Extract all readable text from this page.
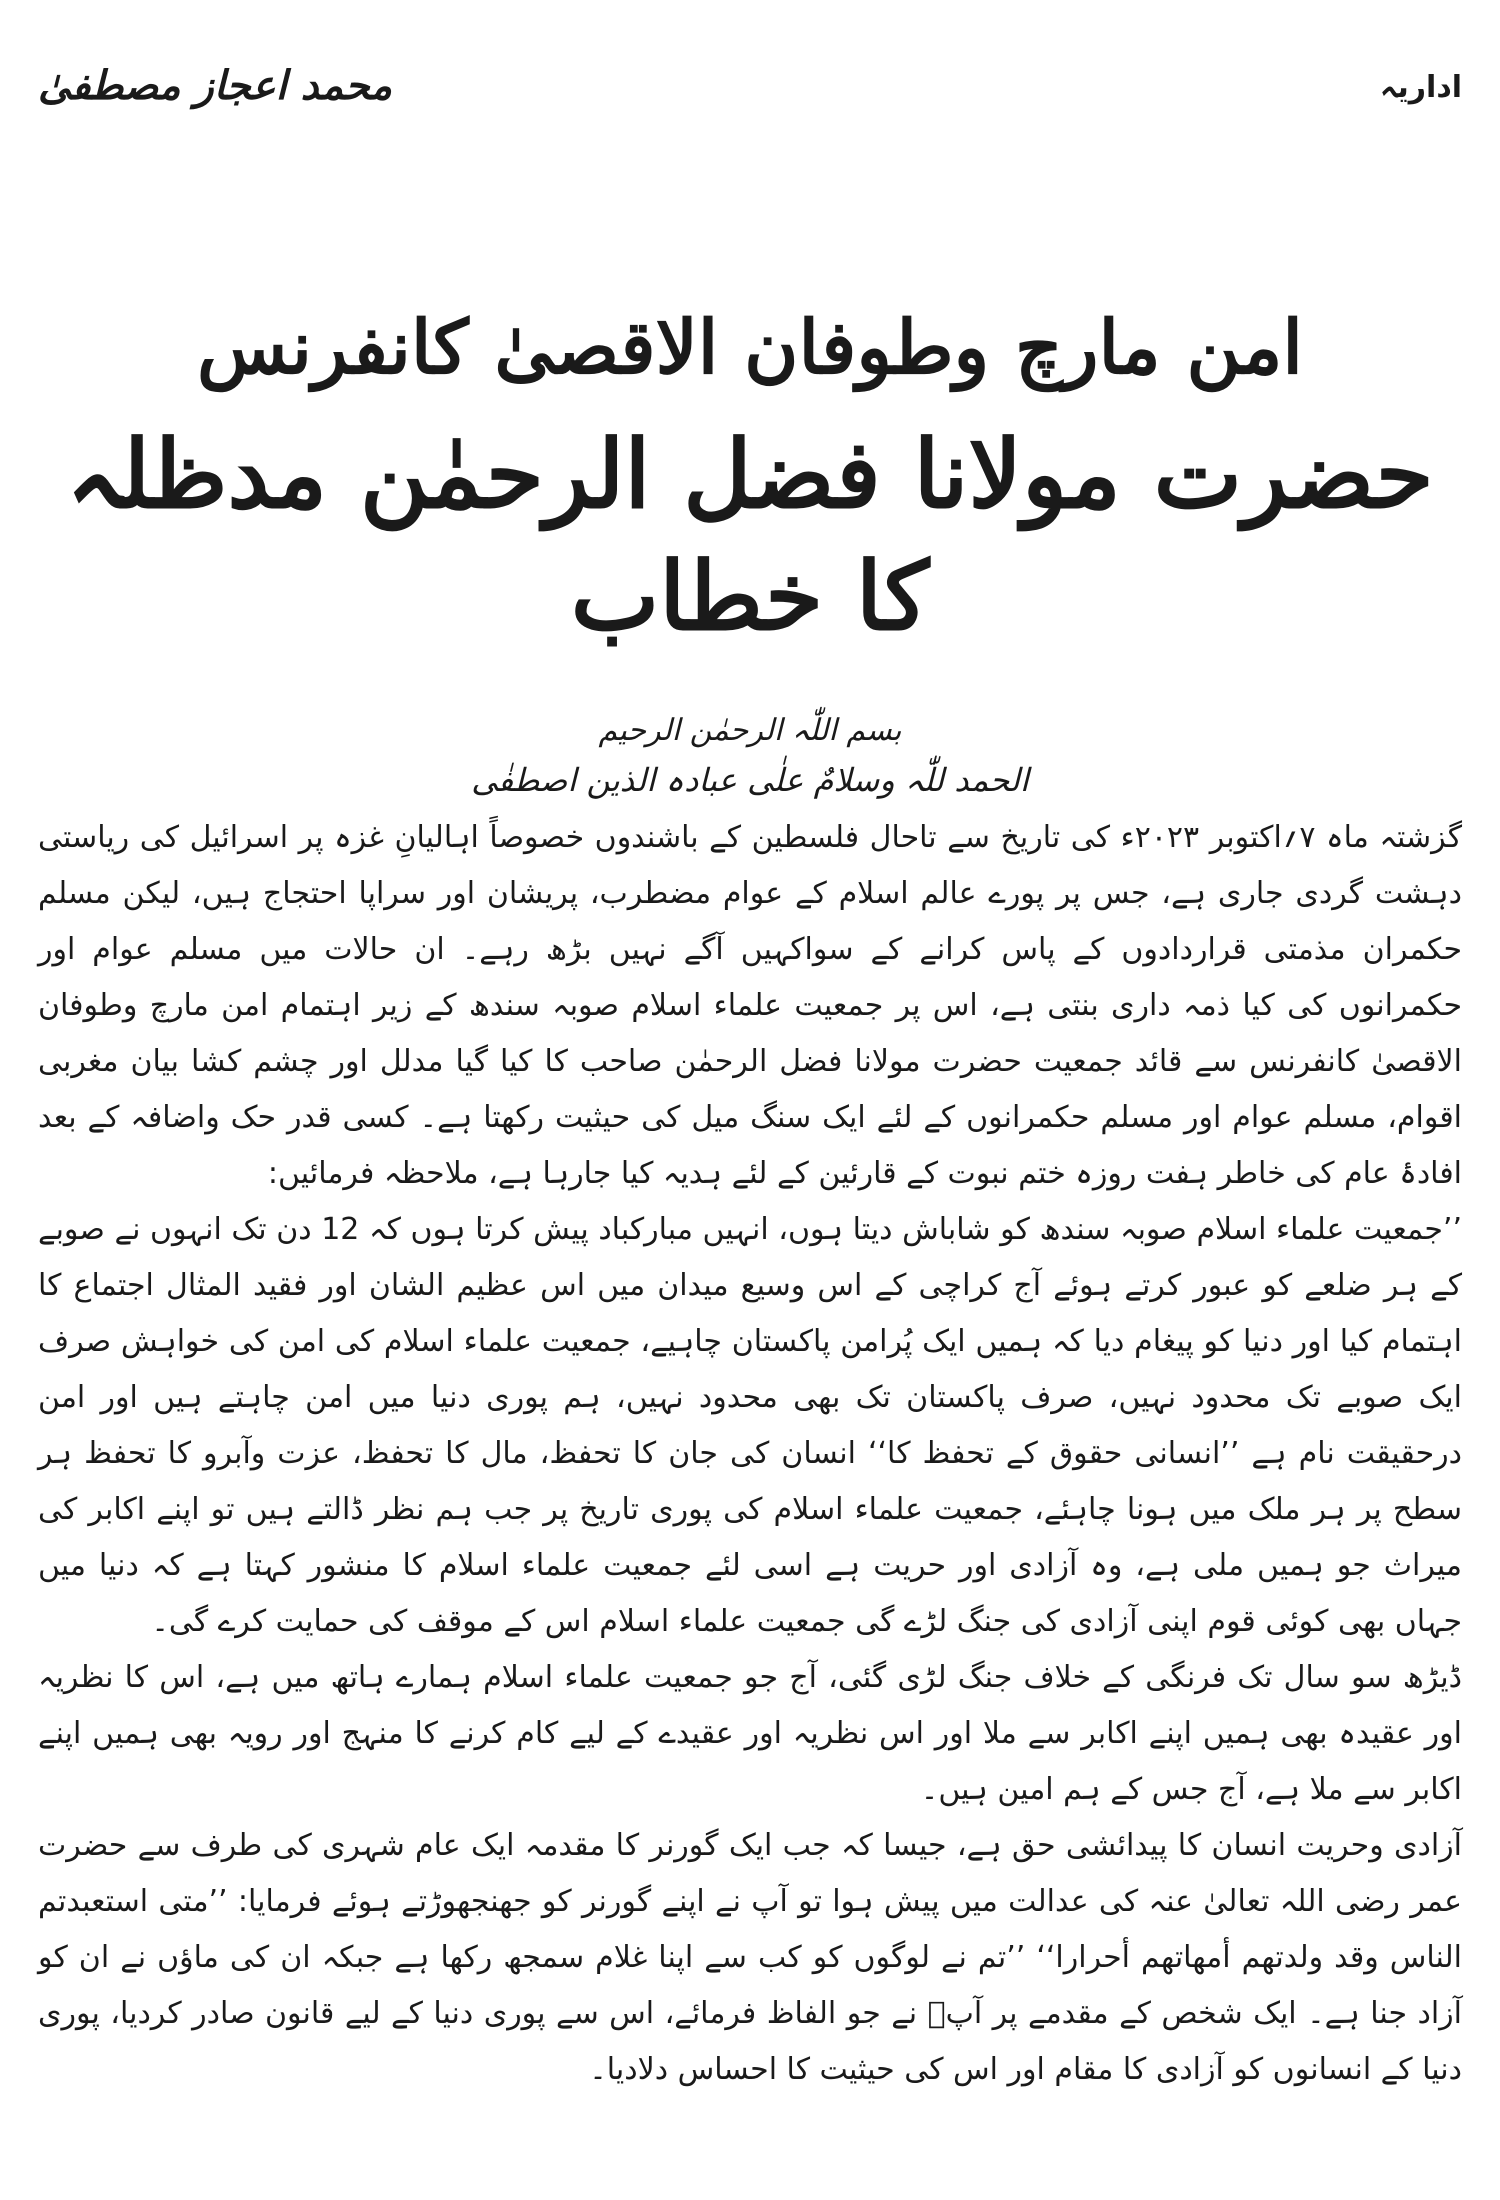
اداریہ
محمد اعجاز مصطفیٰ
امن مارچ وطوفان الاقصیٰ کانفرنس
حضرت مولانا فضل الرحمٰن مدظلہ کا خطاب
بسم اللّٰہ الرحمٰن الرحیم
الحمد للّٰہ وسلامٌ علٰی عبادہ الذین اصطفٰی

گزشتہ ماہ ۷؍اکتوبر ۲۰۲۳ء کی تاریخ سے تاحال فلسطین کے باشندوں خصوصاً اہالیانِ غزہ پر اسرائیل کی ریاستی دہشت گردی جاری ہے، جس پر پورے عالم اسلام کے عوام مضطرب، پریشان اور سراپا احتجاج ہیں، لیکن مسلم حکمران مذمتی قراردادوں کے پاس کرانے کے سواکہیں آگے نہیں بڑھ رہے۔ ان حالات میں مسلم عوام اور حکمرانوں کی کیا ذمہ داری بنتی ہے، اس پر جمعیت علماء اسلام صوبہ سندھ کے زیر اہتمام امن مارچ وطوفان الاقصیٰ کانفرنس سے قائد جمعیت حضرت مولانا فضل الرحمٰن صاحب کا کیا گیا مدلل اور چشم کشا بیان مغربی اقوام، مسلم عوام اور مسلم حکمرانوں کے لئے ایک سنگ میل کی حیثیت رکھتا ہے۔ کسی قدر حک واضافہ کے بعد افادۂ عام کی خاطر ہفت روزہ ختم نبوت کے قارئین کے لئے ہدیہ کیا جارہا ہے، ملاحظہ فرمائیں:

’’جمعیت علماء اسلام صوبہ سندھ کو شاباش دیتا ہوں، انہیں مبارکباد پیش کرتا ہوں کہ 12 دن تک انہوں نے صوبے کے ہر ضلعے کو عبور کرتے ہوئے آج کراچی کے اس وسیع میدان میں اس عظیم الشان اور فقید المثال اجتماع کا اہتمام کیا اور دنیا کو پیغام دیا کہ ہمیں ایک پُرامن پاکستان چاہیے، جمعیت علماء اسلام کی امن کی خواہش صرف ایک صوبے تک محدود نہیں، صرف پاکستان تک بھی محدود نہیں، ہم پوری دنیا میں امن چاہتے ہیں اور امن درحقیقت نام ہے ’’انسانی حقوق کے تحفظ کا‘‘ انسان کی جان کا تحفظ، مال کا تحفظ، عزت وآبرو کا تحفظ ہر سطح پر ہر ملک میں ہونا چاہئے، جمعیت علماء اسلام کی پوری تاریخ پر جب ہم نظر ڈالتے ہیں تو اپنے اکابر کی میراث جو ہمیں ملی ہے، وہ آزادی اور حریت ہے اسی لئے جمعیت علماء اسلام کا منشور کہتا ہے کہ دنیا میں جہاں بھی کوئی قوم اپنی آزادی کی جنگ لڑے گی جمعیت علماء اسلام اس کے موقف کی حمایت کرے گی۔

ڈیڑھ سو سال تک فرنگی کے خلاف جنگ لڑی گئی، آج جو جمعیت علماء اسلام ہمارے ہاتھ میں ہے، اس کا نظریہ اور عقیدہ بھی ہمیں اپنے اکابر سے ملا اور اس نظریہ اور عقیدے کے لیے کام کرنے کا منہج اور رویہ بھی ہمیں اپنے اکابر سے ملا ہے، آج جس کے ہم امین ہیں۔

آزادی وحریت انسان کا پیدائشی حق ہے، جیسا کہ جب ایک گورنر کا مقدمہ ایک عام شہری کی طرف سے حضرت عمر رضی اللہ تعالیٰ عنہ کی عدالت میں پیش ہوا تو آپ نے اپنے گورنر کو جھنجھوڑتے ہوئے فرمایا: ’’متی استعبدتم الناس وقد ولدتھم أمھاتھم أحرارا‘‘ ’’تم نے لوگوں کو کب سے اپنا غلام سمجھ رکھا ہے جبکہ ان کی ماؤں نے ان کو آزاد جنا ہے۔ ایک شخص کے مقدمے پر آپؓ نے جو الفاظ فرمائے، اس سے پوری دنیا کے لیے قانون صادر کردیا، پوری دنیا کے انسانوں کو آزادی کا مقام اور اس کی حیثیت کا احساس دلادیا۔
